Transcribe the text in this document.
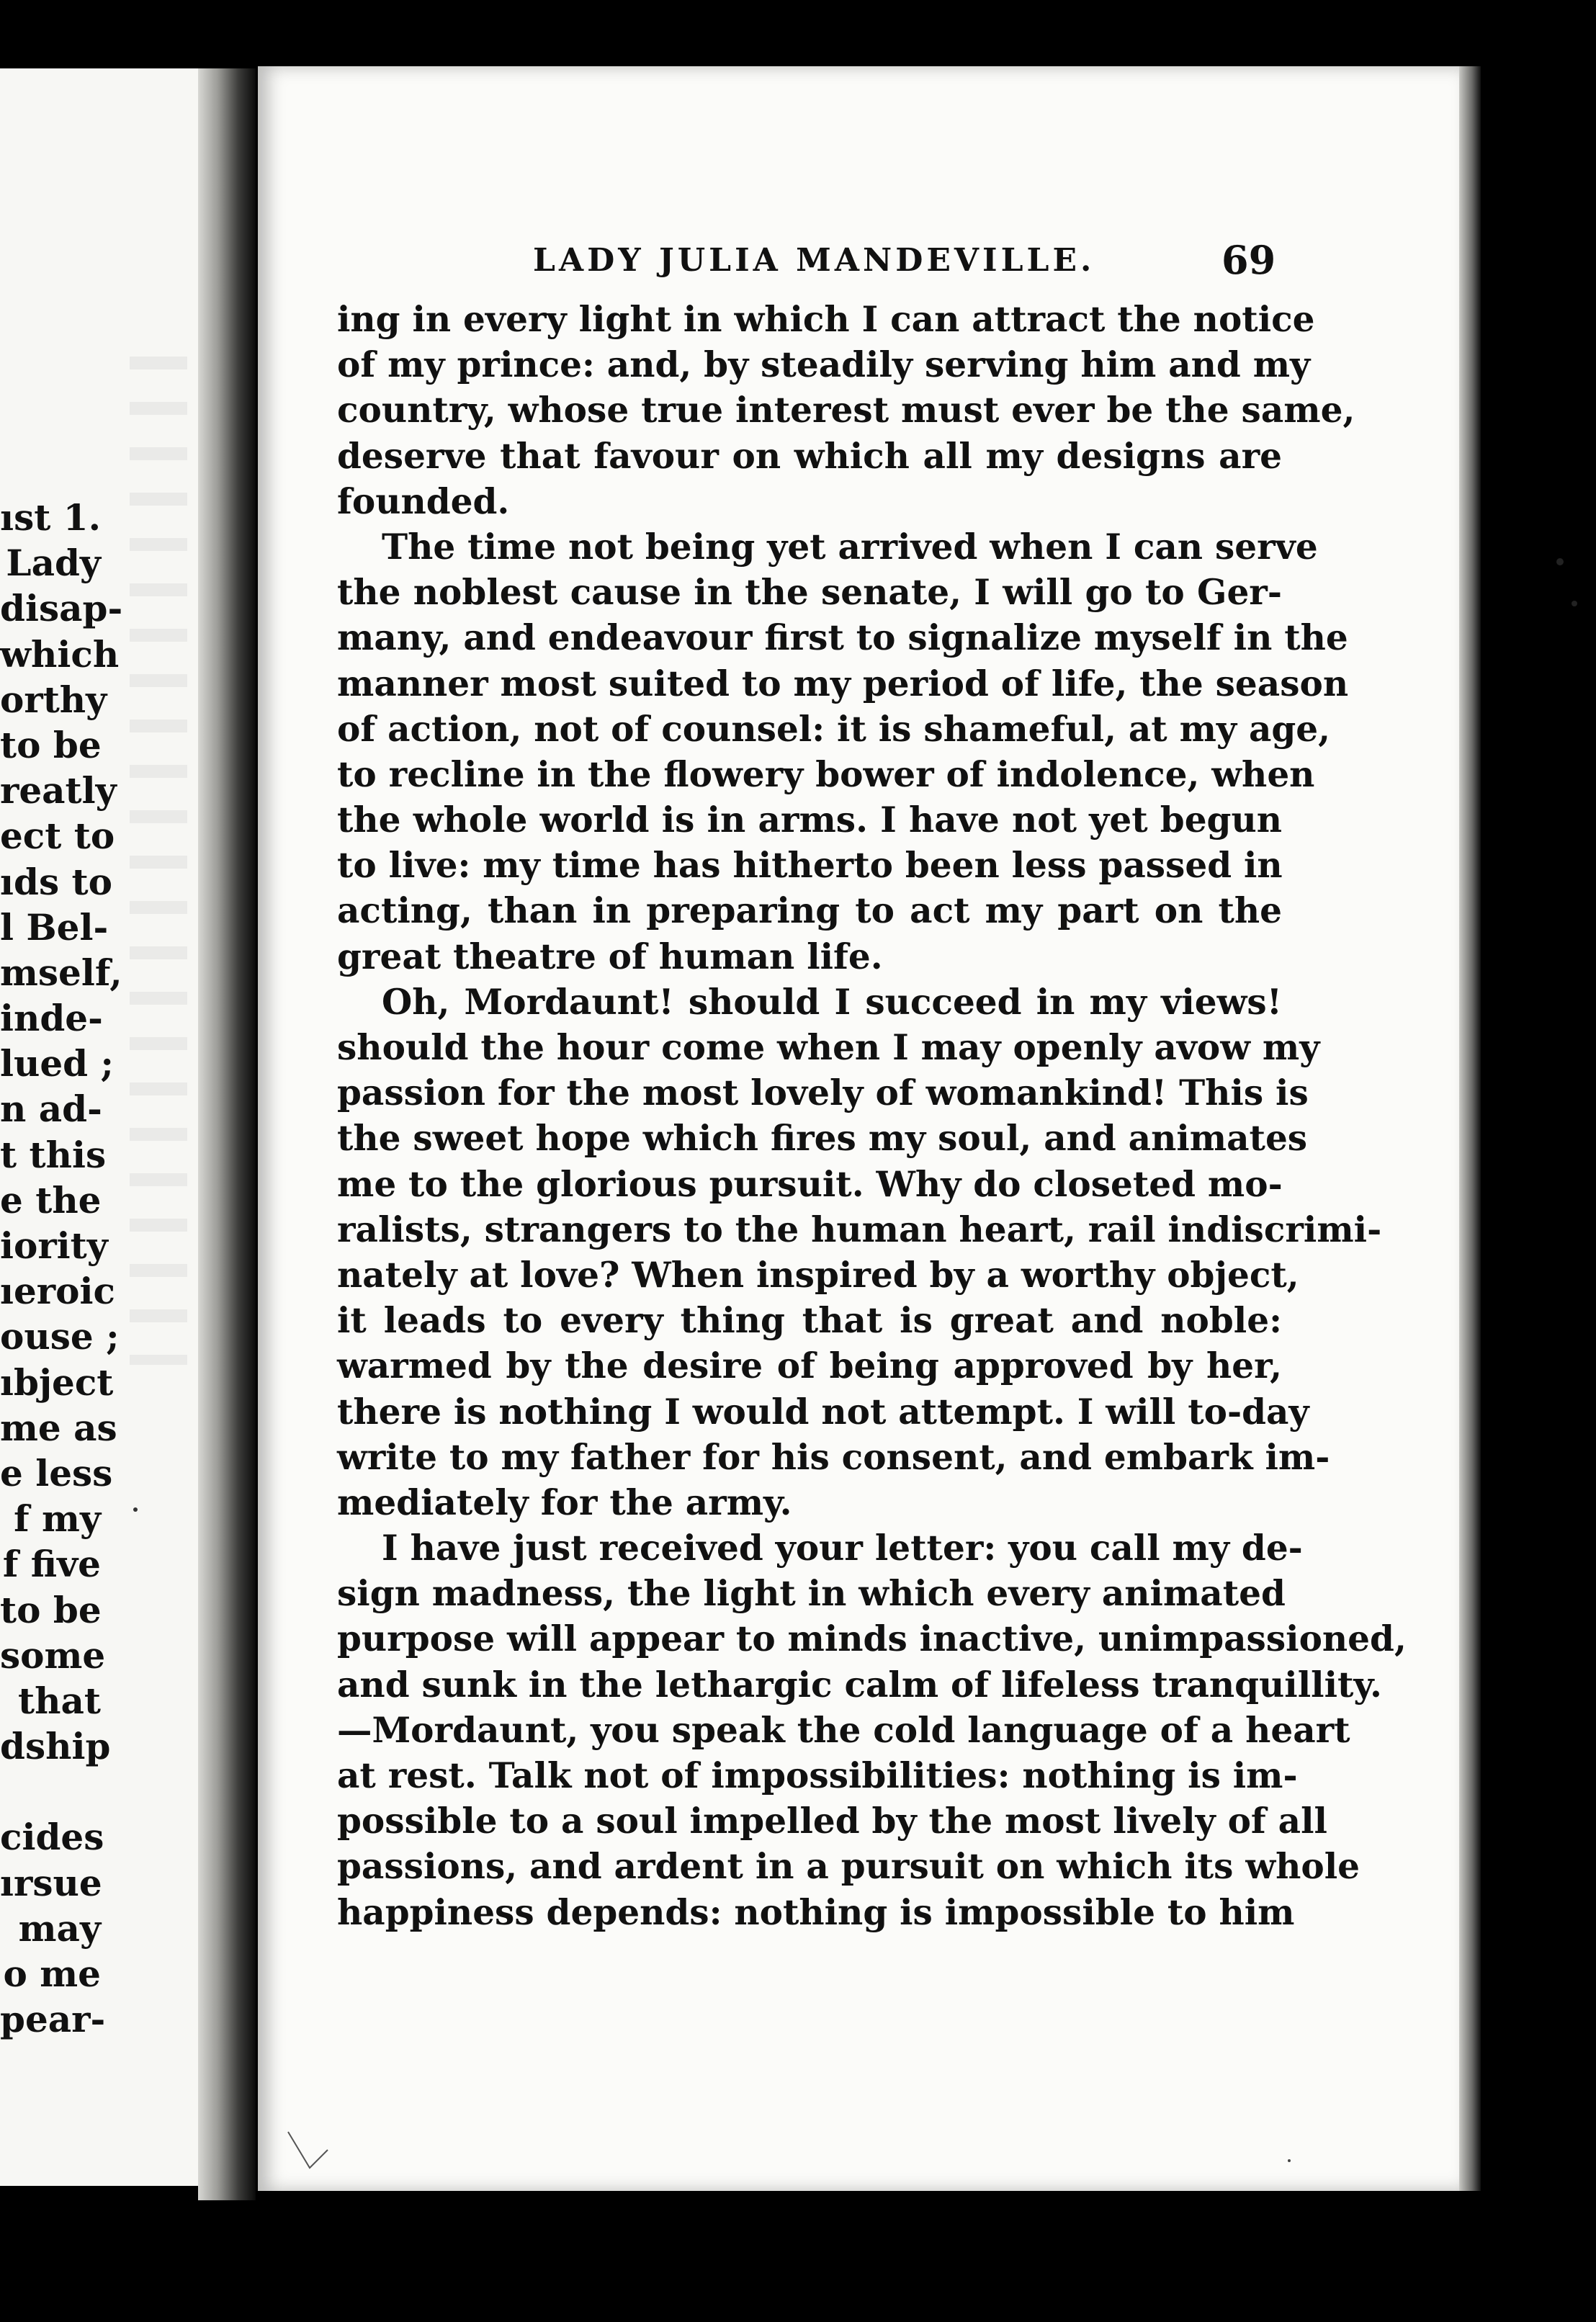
ıst 1.
Lady
disap-
which
orthy
to be
reatly
ect to
ıds to
l Bel-
mself,
inde-
lued ;
n ad-
t this
e the
iority
ıeroic
ouse ;
ıbject
me as
e less
f my
f five
to be
some
that
dship
cides
ırsue
may
o me
pear-
LADY JULIA MANDEVILLE.	69
ing in every light in which I can attract the notice
of my prince: and, by steadily serving him and my
country, whose true interest must ever be the same,
deserve that favour on which all my designs are
founded.
The time not being yet arrived when I can serve
the noblest cause in the senate, I will go to Ger-
many, and endeavour first to signalize myself in the
manner most suited to my period of life, the season
of action, not of counsel: it is shameful, at my age,
to recline in the flowery bower of indolence, when
the whole world is in arms. I have not yet begun
to live: my time has hitherto been less passed in
acting, than in preparing to act my part on the
great theatre of human life.
Oh, Mordaunt! should I succeed in my views!
should the hour come when I may openly avow my
passion for the most lovely of womankind! This is
the sweet hope which fires my soul, and animates
me to the glorious pursuit. Why do closeted mo-
ralists, strangers to the human heart, rail indiscrimi-
nately at love? When inspired by a worthy object,
it leads to every thing that is great and noble:
warmed by the desire of being approved by her,
there is nothing I would not attempt. I will to-day
write to my father for his consent, and embark im-
mediately for the army.
I have just received your letter: you call my de-
sign madness, the light in which every animated
purpose will appear to minds inactive, unimpassioned,
and sunk in the lethargic calm of lifeless tranquillity.
—Mordaunt, you speak the cold language of a heart
at rest. Talk not of impossibilities: nothing is im-
possible to a soul impelled by the most lively of all
passions, and ardent in a pursuit on which its whole
happiness depends: nothing is impossible to him
